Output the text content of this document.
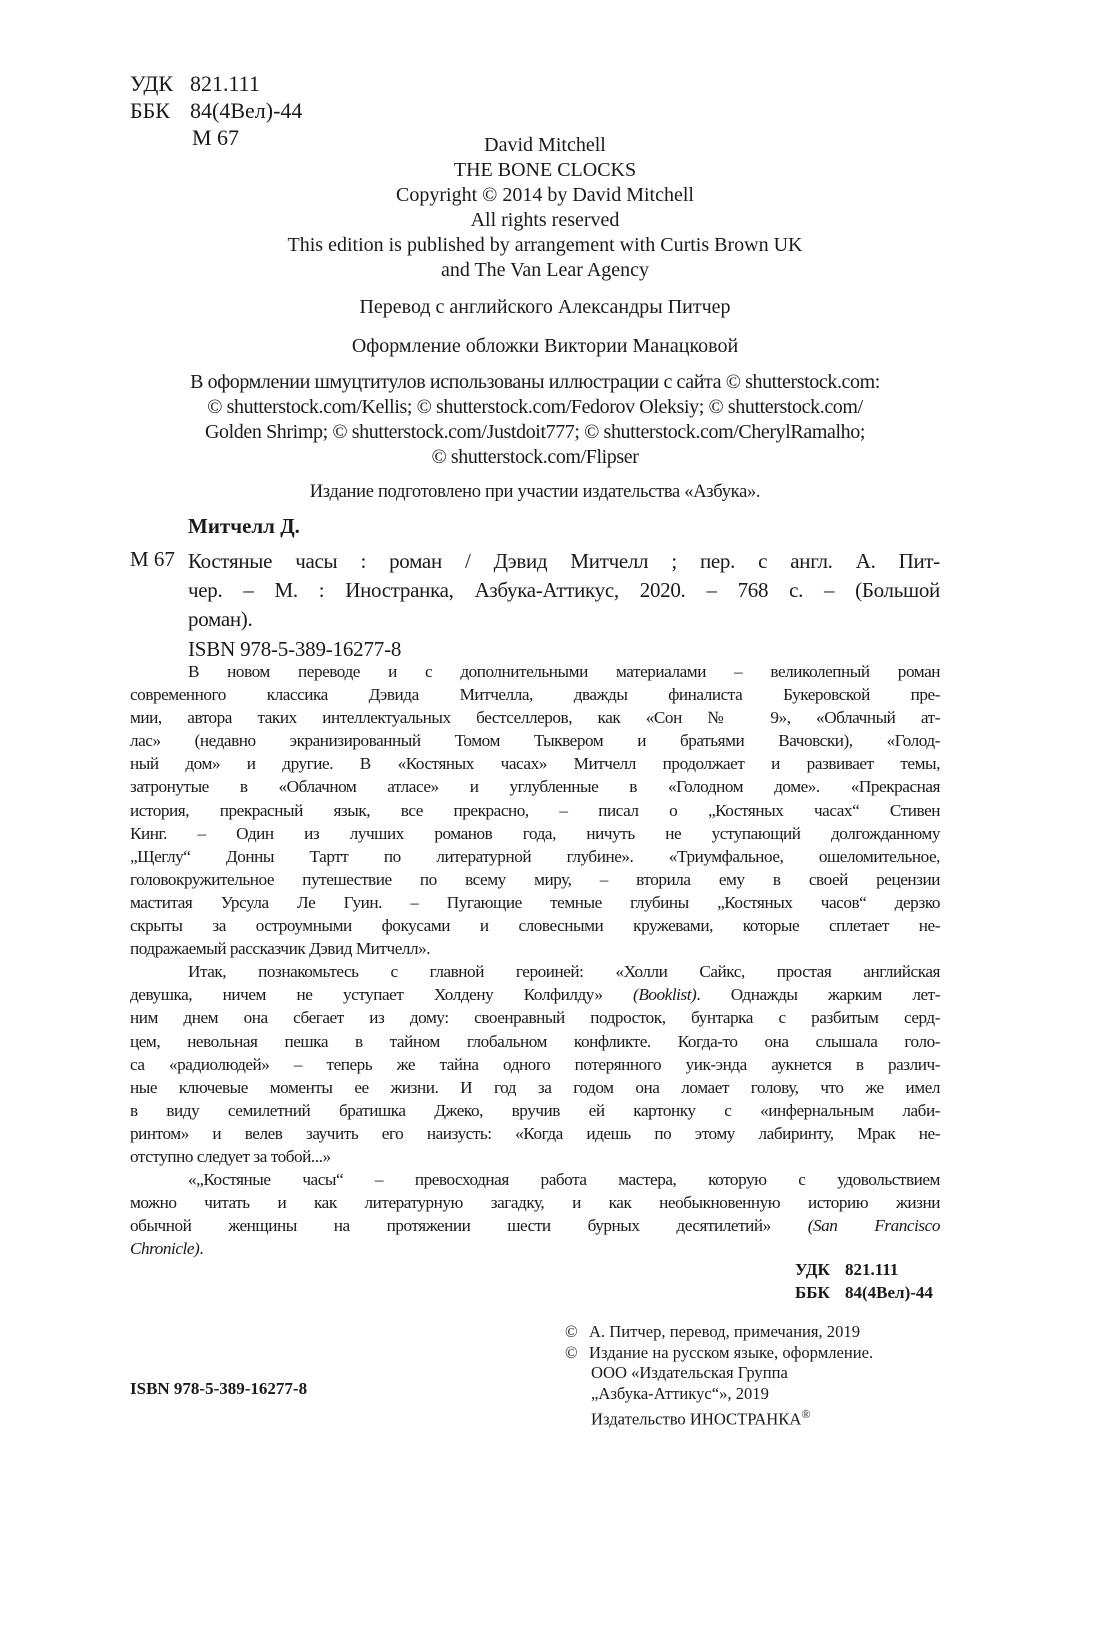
УДК 821.111
ББК 84(4Вел)-44
М 67	David Mitchell
THE BONE CLOCKS
Copyright © 2014 by David Mitchell
All rights reserved
This edition is published by arrangement with Curtis Brown UK
and The Van Lear Agency
Перевод с английского Александры Питчер
Оформление обложки Виктории Манацковой
В оформлении шмуцтитулов использованы иллюстрации с сайта © shutterstock.com:
© shutterstock.com/Kellis; © shutterstock.com/Fedorov Oleksiy; © shutterstock.com/
Golden Shrimp; © shutterstock.com/Justdoit777; © shutterstock.com/CherylRamalho;
© shutterstock.com/Flipser
Издание подготовлено при участии издательства «Азбука».
Митчелл Д.
М 67 Костяные часы : роман / Дэвид Митчелл ; пер. с англ. А. Пит-
чер. – М. : Иностранка, Азбука-Аттикус, 2020. – 768 с. – (Большой
роман).
ISBN 978-5-389-16277-8
В новом переводе и с дополнительными материалами – великолепный роман
современного классика Дэвида Митчелла, дважды финалиста Букеровской пре-
мии, автора таких интеллектуальных бестселлеров, как «Сон № 9», «Облачный ат-
лас» (недавно экранизированный Томом Тыквером и братьями Вачовски), «Голод-
ный дом» и другие. В «Костяных часах» Митчелл продолжает и развивает темы,
затронутые в «Облачном атласе» и углубленные в «Голодном доме». «Прекрасная
история, прекрасный язык, все прекрасно, – писал о „Костяных часах“ Стивен
Кинг. – Один из лучших романов года, ничуть не уступающий долгожданному
„Щеглу“ Донны Тартт по литературной глубине». «Триумфальное, ошеломительное,
головокружительное путешествие по всему миру, – вторила ему в своей рецензии
маститая Урсула Ле Гуин. – Пугающие темные глубины „Костяных часов“ дерзко
скрыты за остроумными фокусами и словесными кружевами, которые сплетает не-
подражаемый рассказчик Дэвид Митчелл».
Итак, познакомьтесь с главной героиней: «Холли Сайкс, простая английская
девушка, ничем не уступает Холдену Колфилду» (Booklist). Однажды жарким лет-
ним днем она сбегает из дому: своенравный подросток, бунтарка с разбитым серд-
цем, невольная пешка в тайном глобальном конфликте. Когда-то она слышала голо-
са «радиолюдей» – теперь же тайна одного потерянного уик-энда аукнется в различ-
ные ключевые моменты ее жизни. И год за годом она ломает голову, что же имел
в виду семилетний братишка Джеко, вручив ей картонку с «инфернальным лаби-
ринтом» и велев заучить его наизусть: «Когда идешь по этому лабиринту, Мрак не-
отступно следует за тобой...»
«„Костяные часы“ – превосходная работа мастера, которую с удовольствием
можно читать и как литературную загадку, и как необыкновенную историю жизни
обычной женщины на протяжении шести бурных десятилетий» (San Francisco
Chronicle).
УДК 821.111
ББК 84(4Вел)-44
© А. Питчер, перевод, примечания, 2019
© Издание на русском языке, оформление.
ООО «Издательская Группа
„Азбука-Аттикус“», 2019
Издательство ИНОСТРАНКА®
ISBN 978-5-389-16277-8
